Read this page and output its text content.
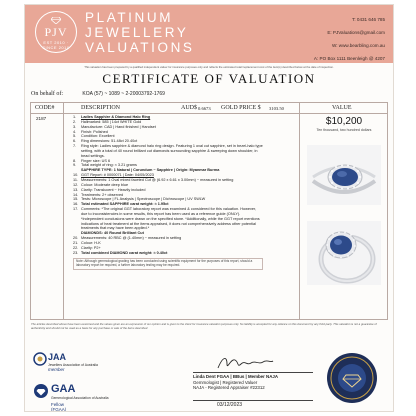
PJV
EST 2010 · SINCE 2010
PLATINUM
JEWELLERY
VALUATIONS
T: 0431 646 785
E: PJValuations@gmail.com
W: www.bearbling.com.au
A: PO Box 1111 Beenleigh @ 4207
This valuation has been prepared by a qualified independent valuer for insurance purposes only and reflects the estimated retail replacement cost of the item(s) described below at the date of inspection.
CERTIFICATE OF VALUATION
On behalf of:	KOA (57) ~ 1089 ~ 2-20003792-1769
CODE#	DESCRIPTION	AUD$ 0.6673 GOLD PRICE $ 3103.50	VALUE
2187	1. Ladies Sapphire & Diamond Halo Ring
2. Hallmarked: 585 | 14ct WHITE Gold
3. Manufacture: CAD | Hand finished | Handset
4. Finish: Polished
5. Condition: Excellent
6. Ring dimensions: 51.48ct 20.40ct
7. Ring style: Ladies sapphire & diamond halo ring design. Featuring 1 oval cut sapphire, set in bezel-halo type setting, with a total of 40 round brilliant cut diamonds surrounding sapphire & sweeping down shoulder, in bead settings.
8. Finger size: US 6
9. Total weight of ring: ≈ 3.21 grams
SAPPHIRE TYPE: 1 Natural | Corundum ~ Sapphire | Origin: Myanmar Burma
10. GGT Report: # 0000071 | Date: 04/05/2023
11. Measurements: 1 Oval mixed faceted Cut @ (6.92 x 6.61 x 3.00mm) ~ measured in setting
12. Colour: Moderate deep blue
13. Clarity: Translucent ~ Heavily included
14. Treatments: 2+ observed
15. Tests: Microscope | FL Analysis | Spectroscope | Dichroscope | UV SWLW
16. Total estimated SAPPHIRE carat weight: ≈ 1.95ct
17. Comments: *The original GGT laboratory report was examined & considered for this valuation. However, due to inconsistencies in some results, this report has been used as a reference guide (ONLY). *Independent conclusions were drawn on the specified stone. *Additionally, while the GGT report mentions indications of heat treatment at the items appraised, it does not comprehensively address other potential treatments that may have been applied.*
DIAMONDS: 40 Round Brilliant Cut
20. Measurements: 40 RBC @ (1.40mm) ~ measured in setting
21. Colour: H-K
22. Clarity: P2+
23. Total combined DIAMOND carat weight: ≈ 0.40ct
Note: Although gemmological grading has been conducted using scientific equipment for the purposes of this report, should a laboratory report be required, a further laboratory testing may be required.
$10,200
Ten thousand, two hundred dollars
The articles described above have been examined and the values given are an expression of our opinion and is given to the client for insurance valuation purposes only. No liability is accepted for any reliance on this document by any third party. This valuation is not a guarantee of authenticity and should not be used as a basis for any purchase or sale of the items described.
JAA
Jewellers Association of Australia
member
GAA
Gemmological Association of Australia
Fellow (FGAA)
Linda Dent FGAA | BBus | Member NAJA
Gemmologist | Registered Valuer
NAJA - Registered Appraiser #22312
03/12/2023
